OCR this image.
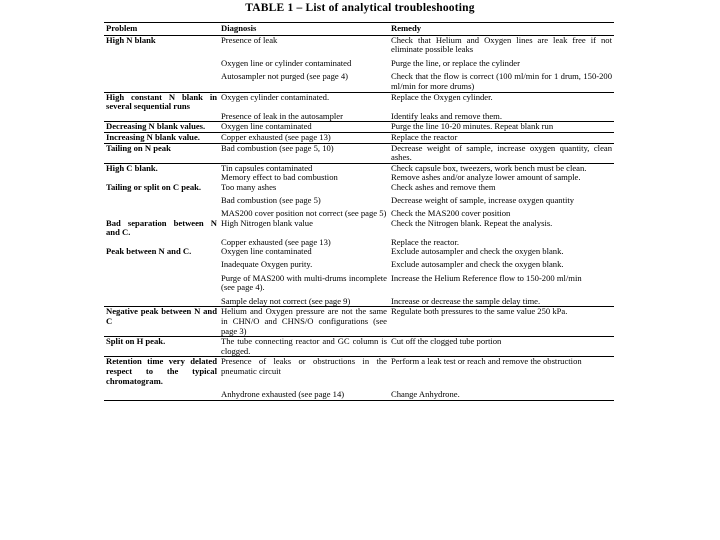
TABLE 1 – List of analytical troubleshooting
Problem	Diagnosis	Remedy
High N blank	Presence of leak	Check that Helium and Oxygen lines are leak free if not eliminate possible leaks
	Oxygen line or cylinder contaminated	Purge the line, or replace the cylinder
	Autosampler not purged (see page 4)	Check that the flow is correct (100 ml/min for 1 drum, 150-200 ml/min for more drums)
High constant N blank in several sequential runs	Oxygen cylinder contaminated.	Replace the Oxygen cylinder.
	Presence of leak in the autosampler	Identify leaks and remove them.
Decreasing N blank values.	Oxygen line contaminated	Purge the line 10-20 minutes. Repeat blank run
Increasing N blank value.	Copper exhausted (see page 13)	Replace the reactor
Tailing on N peak	Bad combustion (see page 5, 10)	Decrease weight of sample, increase oxygen quantity, clean ashes.
High C blank.	Tin capsules contaminated	Check capsule box, tweezers, work bench must be clean.
	Memory effect to bad combustion	Remove ashes and/or analyze lower amount of sample.
Tailing or split on C peak.	Too many ashes	Check ashes and remove them
	Bad combustion (see page 5)	Decrease weight of sample, increase oxygen quantity
	MAS200 cover position not correct (see page 5)	Check the MAS200 cover position
Bad separation between N and C.	High Nitrogen blank value	Check the Nitrogen blank. Repeat the analysis.
	Copper exhausted (see page 13)	Replace the reactor.
Peak between N and C.	Oxygen line contaminated	Exclude autosampler and check the oxygen blank.
	Inadequate Oxygen purity.	Exclude autosampler and check the oxygen blank.
	Purge of MAS200 with multi-drums incomplete (see page 4).	Increase the Helium Reference flow to 150-200 ml/min
	Sample delay not correct (see page 9)	Increase or decrease the sample delay time.
Negative peak between N and C	Helium and Oxygen pressure are not the same in CHN/O and CHNS/O configurations (see page 3)	Regulate both pressures to the same value 250 kPa.
Split on H peak.	The tube connecting reactor and GC column is clogged.	Cut off the clogged tube portion
Retention time very delated respect to the typical chromatogram.	Presence of leaks or obstructions in the pneumatic circuit	Perform a leak test or reach and remove the obstruction
	Anhydrone exhausted (see page 14)	Change Anhydrone.
